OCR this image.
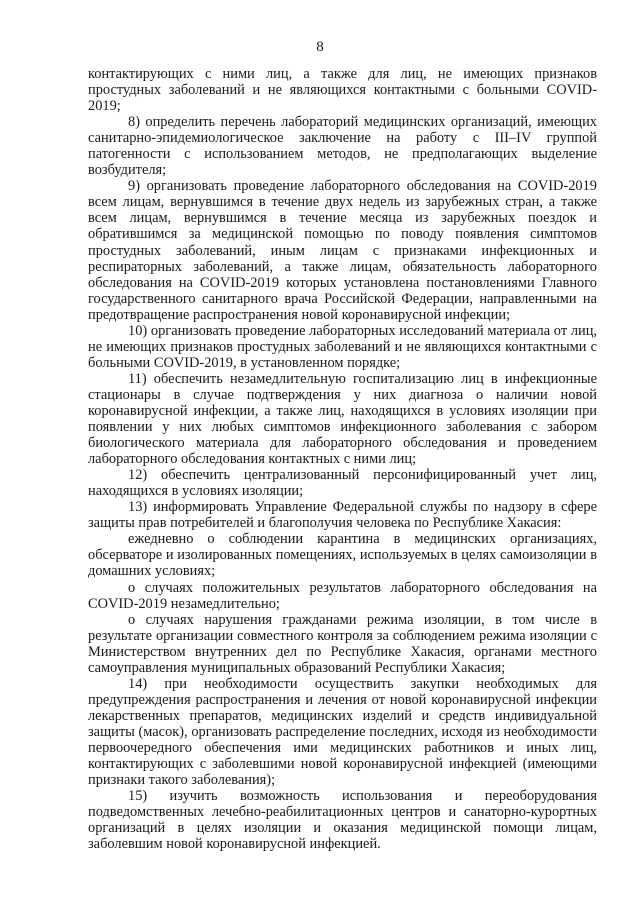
8

контактирующих с ними лиц, а также для лиц, не имеющих признаков простудных заболеваний и не являющихся контактными с больными COVID-2019;

8) определить перечень лабораторий медицинских организаций, имеющих санитарно-эпидемиологическое заключение на работу с III–IV группой патогенности с использованием методов, не предполагающих выделение возбудителя;

9) организовать проведение лабораторного обследования на COVID-2019 всем лицам, вернувшимся в течение двух недель из зарубежных стран, а также всем лицам, вернувшимся в течение месяца из зарубежных поездок и обратившимся за медицинской помощью по поводу появления симптомов простудных заболеваний, иным лицам с признаками инфекционных и респираторных заболеваний, а также лицам, обязательность лабораторного обследования на COVID-2019 которых установлена постановлениями Главного государственного санитарного врача Российской Федерации, направленными на предотвращение распространения новой коронавирусной инфекции;

10) организовать проведение лабораторных исследований материала от лиц, не имеющих признаков простудных заболеваний и не являющихся контактными с больными COVID-2019, в установленном порядке;

11) обеспечить незамедлительную госпитализацию лиц в инфекционные стационары в случае подтверждения у них диагноза о наличии новой коронавирусной инфекции, а также лиц, находящихся в условиях изоляции при появлении у них любых симптомов инфекционного заболевания с забором биологического материала для лабораторного обследования и проведением лабораторного обследования контактных с ними лиц;

12) обеспечить централизованный персонифицированный учет лиц, находящихся в условиях изоляции;

13) информировать Управление Федеральной службы по надзору в сфере защиты прав потребителей и благополучия человека по Республике Хакасия:

ежедневно о соблюдении карантина в медицинских организациях, обсерваторе и изолированных помещениях, используемых в целях самоизоляции в домашних условиях;

о случаях положительных результатов лабораторного обследования на COVID-2019 незамедлительно;

о случаях нарушения гражданами режима изоляции, в том числе в результате организации совместного контроля за соблюдением режима изоляции с Министерством внутренних дел по Республике Хакасия, органами местного самоуправления муниципальных образований Республики Хакасия;

14) при необходимости осуществить закупки необходимых для предупреждения распространения и лечения от новой коронавирусной инфекции лекарственных препаратов, медицинских изделий и средств индивидуальной защиты (масок), организовать распределение последних, исходя из необходимости первоочередного обеспечения ими медицинских работников и иных лиц, контактирующих с заболевшими новой коронавирусной инфекцией (имеющими признаки такого заболевания);

15) изучить возможность использования и переоборудования подведомственных лечебно-реабилитационных центров и санаторно-курортных организаций в целях изоляции и оказания медицинской помощи лицам, заболевшим новой коронавирусной инфекцией.
